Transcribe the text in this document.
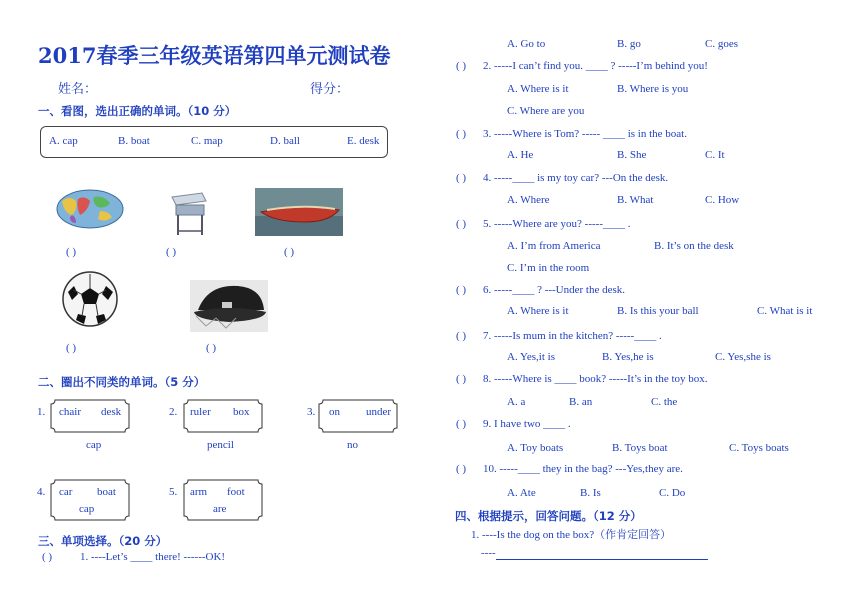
2017春季三年级英语第四单元测试卷
姓名：	得分：
一、看图，选出正确的单词。（10 分）
A. cap	B. boat	C. map	D. ball	E. desk
( )	( )	( )
( )	( )
二、圈出不同类的单词。（5 分）
1. chair desk
cap
2. ruler box
pencil
3. on under
no
4. car boat
cap
5. arm foot
are
三、单项选择。（20 分）
( )	1. ----Let’s ____ there! ------OK!
A. Go to	B. go	C. goes
( ) 2. -----I can’t find you. ____ ? -----I’m behind you!
A. Where is it	B. Where is you
C. Where are you
( ) 3. -----Where is Tom? ----- ____ is in the boat.
A. He	B. She	C. It
( ) 4. -----____ is my toy car? ---On the desk.
A. Where	B. What	C. How
( ) 5. -----Where are you? -----____ .
A. I’m from America	B. It’s on the desk
C. I’m in the room
( ) 6. -----____ ? ---Under the desk.
A. Where is it	B. Is this your ball	C. What is it
( ) 7. -----Is mum in the kitchen? -----____ .
A. Yes,it is	B. Yes,he is	C. Yes,she is
( ) 8. -----Where is ____ book? -----It’s in the toy box.
A. a	B. an	C. the
( ) 9. I have two ____ .
A. Toy boats	B. Toys boat	C. Toys boats
( ) 10. -----____ they in the bag? ---Yes,they are.
A. Ate	B. Is	C. Do
四、根据提示，回答问题。（12 分）
1. ----Is the dog on the box?（作肯定回答）
----
